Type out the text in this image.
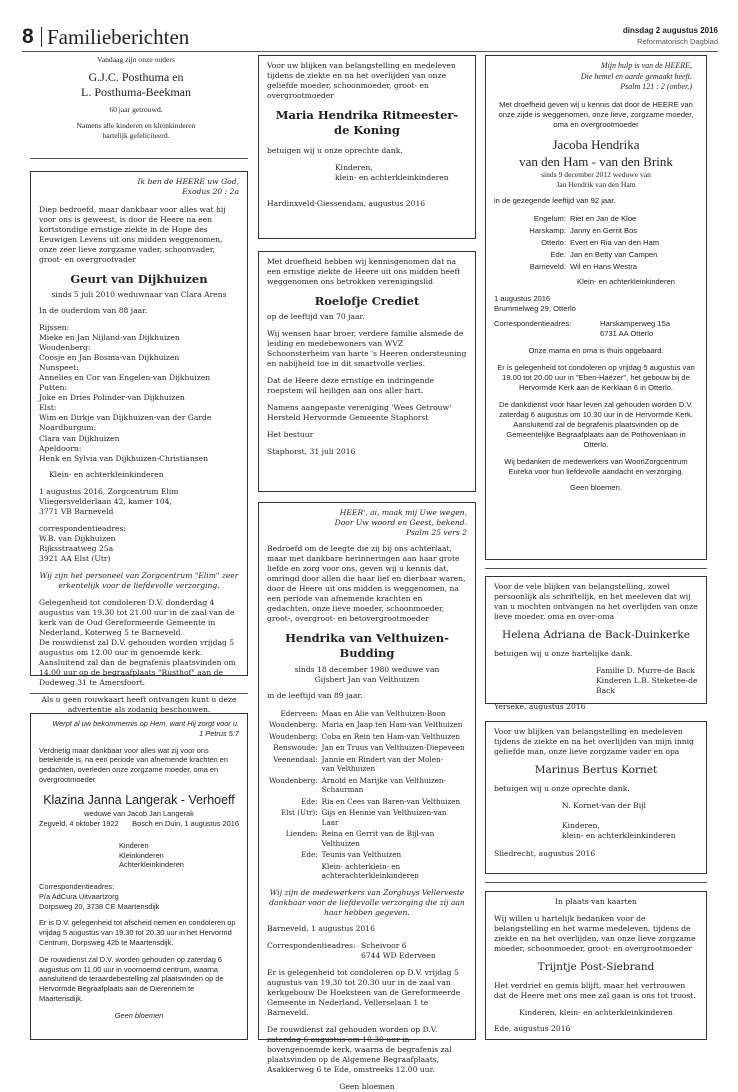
8 Familieberichten	dinsdag 2 augustus 2016
Reformatorisch Dagblad
Vandaag zijn onze ouders
G.J.C. Posthuma en
L. Posthuma-Beekman
60 jaar getrouwd.
Namens alle kinderen en kleinkinderen
hartelijk gefeliciteerd.
Ik ben de HEERE uw God,
Exodus 20 : 2a

Diep bedroefd, maar dankbaar voor alles wat hij voor ons is geweest, is door de Heere na een kortstondige ernstige ziekte in de Hope des Eeuwigen Levens uit ons midden weggenomen, onze zeer lieve zorgzame vader, schoonvader, groot- en overgrootvader

Geurt van Dijkhuizen
sinds 5 juli 2010 weduwnaar van Clara Arens

In de ouderdom van 88 jaar.

Rijssen:
Mieke en Jan Nijland-van Dijkhuizen
Woudenberg:
Coosje en Jan Bosma-van Dijkhuizen
Nunspeet:
Annelies en Cor van Engelen-van Dijkhuizen
Putten:
Joke en Dries Polinder-van Dijkhuizen
Elst:
Wim en Dirkje van Dijkhuizen-van der Garde
Noardburgum:
Clara van Dijkhuizen
Apeldoorn:
Henk en Sylvia van Dijkhuizen-Christiansen
Klein- en achterkleinkinderen
1 augustus 2016, Zorgcentrum Elim
Vliegersvelderlaan 42, kamer 104,
3771 VB Barneveld
correspondentieadres:
W.B. van Dijkhuizen
Rijksstraatweg 25a
3921 AA Elst (Utr)
Wij zijn het personeel van Zorgcentrum "Elim" zeer erkentelijk voor de liefdevolle verzorging.
Gelegenheid tot condoleren D.V. donderdag 4 augustus van 19.30 tot 21.00 uur in de zaal van de kerk van de Oud Gereformeerde Gemeente in Nederland, Koterweg 5 te Barneveld.
De rouwdienst zal D.V. gehouden worden vrijdag 5 augustus om 12.00 uur in genoemde kerk.
Aansluitend zal dan de begrafenis plaatsvinden om 14.00 uur op de begraafplaats "Rusthof" aan de Dodeweg 31 te Amersfoort.
Als u geen rouwkaart heeft ontvangen kunt u deze advertentie als zodanig beschouwen.
Werpt al uw bekommernis op Hem, want Hij zorgt voor u.
1 Petrus 5:7

Verdrietig maar dankbaar voor alles wat zij voor ons betekende is, na een periode van afnemende krachten en gedachten, overleden onze zorgzame moeder, oma en overgrootmoeder

Klazina Janna Langerak - Verhoeff
weduwe van Jacob Jan Langerak
Zegveld, 4 oktober 1922 Bosch en Duin, 1 augustus 2016
Kinderen
Kleinkinderen
Achterkleinkinderen
Correspondentieadres:
P/a AdCura Uitvaartzorg
Dorpsweg 20, 3738 CE Maartensdijk

Er is D.V. gelegenheid tot afscheid nemen en condoleren op vrijdag 5 augustus van 19.30 tot 20.30 uur in het Hervormd Centrum, Dorpsweg 42b te Maartensdijk.

De rouwdienst zal D.V. worden gehouden op zaterdag 6 augustus om 11.00 uur in voornoemd centrum, waarna aansluitend de teraardebestelling zal plaatsvinden op de Hervormde Begraafplaats aan de Dierenriem te Maartensdijk.

Geen bloemen

Voor uw blijken van belangstelling en medeleven tijdens de ziekte en na het overlijden van onze geliefde moeder, schoonmoeder, groot- en overgrootmoeder

Maria Hendrika Ritmeester-
de Koning

betuigen wij u onze oprechte dank.

Kinderen,
klein- en achterkleinkinderen
Hardinxveld-Giessendam, augustus 2016

Met droefheid hebben wij kennisgenomen dat na een ernstige ziekte de Heere uit ons midden heeft weggenomen ons betrokken verenigingslid

Roelofje Crediet

op de leeftijd van 70 jaar.

Wij wensen haar broer, verdere familie alsmede de leiding en medebewoners van WVZ Schoonsterheim van harte 's Heeren ondersteuning en nabijheid toe in dit smartvolle verlies.

Dat de Heere deze ernstige en indringende roepstem wil heiligen aan ons aller hart.

Namens aangepaste vereniging 'Wees Getrouw'
Hersteld Hervormde Gemeente Staphorst

Het bestuur

Staphorst, 31 juli 2016
HEER', ai, maak mij Uwe wegen,
Door Uw woord en Geest, bekend.
Psalm 25 vers 2

Bedroefd om de leegte die zij bij ons achterlaat, maar met dankbare herinneringen aan haar grote liefde en zorg voor ons, geven wij u kennis dat, omringd door allen die haar lief en dierbaar waren, door de Heere uit ons midden is weggenomen, na een periode van afnemende krachten en gedachten, onze lieve moeder, schoonmoeder, groot-, overgroot- en betovergrootmoeder

Hendrika van Velthuizen-Budding
sinds 18 december 1980 weduwe van
Gijsbert Jan van Velthuizen

in de leeftijd van 89 jaar.

Ederveen:	Maas en Alie van Velthuizen-Boon

Woudenberg:	Maria en Jaap ten Ham-van Velthuizen

Woudenberg:	Coba en Rein ten Ham-van Velthuizen

Renswoude:	Jan en Truus van Velthuizen-Diepeveen

Veenendaal:	Jannie en Rindert van der Molen-
van Velthuizen

Woudenberg:	Arnold en Marijke van Velthuizen-
Schaurman

Ede:	Ria en Cees van Baren-van Velthuizen

Elst (Utr):	Gijs en Hennie van Velthuizen-van Laar

Lienden:	Reina en Gerrit van de Bijl-van Velthuizen

Ede:	Teunis van Velthuizen

Klein- achterklein- en
achterachterkleinkinderen
Wij zijn de medewerkers van Zorghuys Vellerveste dankbaar voor de liefdevolle verzorging die zij aan haar hebben gegeven.

Barneveld, 1 augustus 2016

Correspondentieadres: Scheivoor 6
6744 WD Ederveen

Er is gelegenheid tot condoleren op D.V. vrijdag 5 augustus van 19.30 tot 20.30 uur in de zaal van kerkgebouw De Hoeksteen van de Gereformeerde Gemeente in Nederland, Vellerselaan 1 te Barneveld.

De rouwdienst zal gehouden worden op D.V. zaterdag 6 augustus om 10.30 uur in bovengenoemde kerk, waarna de begrafenis zal plaatsvinden op de Algemene Begraafplaats, Asakkerweg 6 te Ede, omstreeks 12.00 uur.

Geen bloemen
Mijn hulp is van de HEERE,
Die hemel en aarde gemaakt heeft.
Psalm 121 : 2 (onber.)
Met droefheid geven wij u kennis dat door de HEERE van onze zijde is weggenomen, onze lieve, zorgzame moeder, oma en overgrootmoeder
Jacoba Hendrika
van den Ham - van den Brink
sinds 9 december 2012 weduwe van
Jan Hendrik van den Ham

in de gezegende leeftijd van 92 jaar.

Engelum:	Riet en Jan de Kloe
Harskamp:	Janny en Gerrit Bos
Otterlo:	Evert en Ria van den Ham
Ede:	Jan en Betty van Campen
Barneveld:	Wil en Hans Westra
Klein- en achterkleinkinderen
1 augustus 2016
Brummelweg 29, Otterlo
Correspondentieadres:	Harskamperweg 15a
6731 AA Otterlo
Onze mama en oma is thuis opgebaard.
Er is gelegenheid tot condoleren op vrijdag 5 augustus van 19.00 tot 20.00 uur in "Eben-Haëzer", het gebouw bij de Hervormde Kerk aan de Kerklaan 6 in Otterlo.
De dankdienst voor haar leven zal gehouden worden D.V. zaterdag 6 augustus om 10.30 uur in de Hervormde Kerk. Aansluitend zal de begrafenis plaatsvinden op de Gemeentelijke Begraafplaats aan de Pothovenlaan in Otterlo.
Wij bedanken de medewerkers van WoonZorgcentrum Eureka voor hun liefdevolle aandacht en verzorging.
Geen bloemen.

Voor de vele blijken van belangstelling, zowel persoonlijk als schriftelijk, en het meeleven dat wij van u mochten ontvangen na het overlijden van onze lieve moeder, oma en over-oma

Helena Adriana de Back-Duinkerke

betuigen wij u onze hartelijke dank.

Familie D. Murre-de Back
Kinderen L.B. Steketee-de Back
Yerseke, augustus 2016

Voor uw blijken van belangstelling en medeleven tijdens de ziekte en na het overlijden van mijn innig geliefde man, onze lieve zorgzame vader en opa

Marinus Bertus Kornet

betuigen wij u onze oprechte dank.

N. Kornet-van der Bijl

Kinderen,
klein- en achterkleinkinderen
Sliedrecht, augustus 2016
In plaats van kaarten

Wij willen u hartelijk bedanken voor de belangstelling en het warme medeleven, tijdens de ziekte en na het overlijden, van onze lieve zorgzame moeder, schoonmoeder, groot- en overgrootmoeder

Trijntje Post-Siebrand

Het verdriet en gemis blijft, maar het vertrouwen dat de Heere met ons mee zal gaan is ons tot troost.

Kinderen, klein- en achterkleinkinderen
Ede, augustus 2016
